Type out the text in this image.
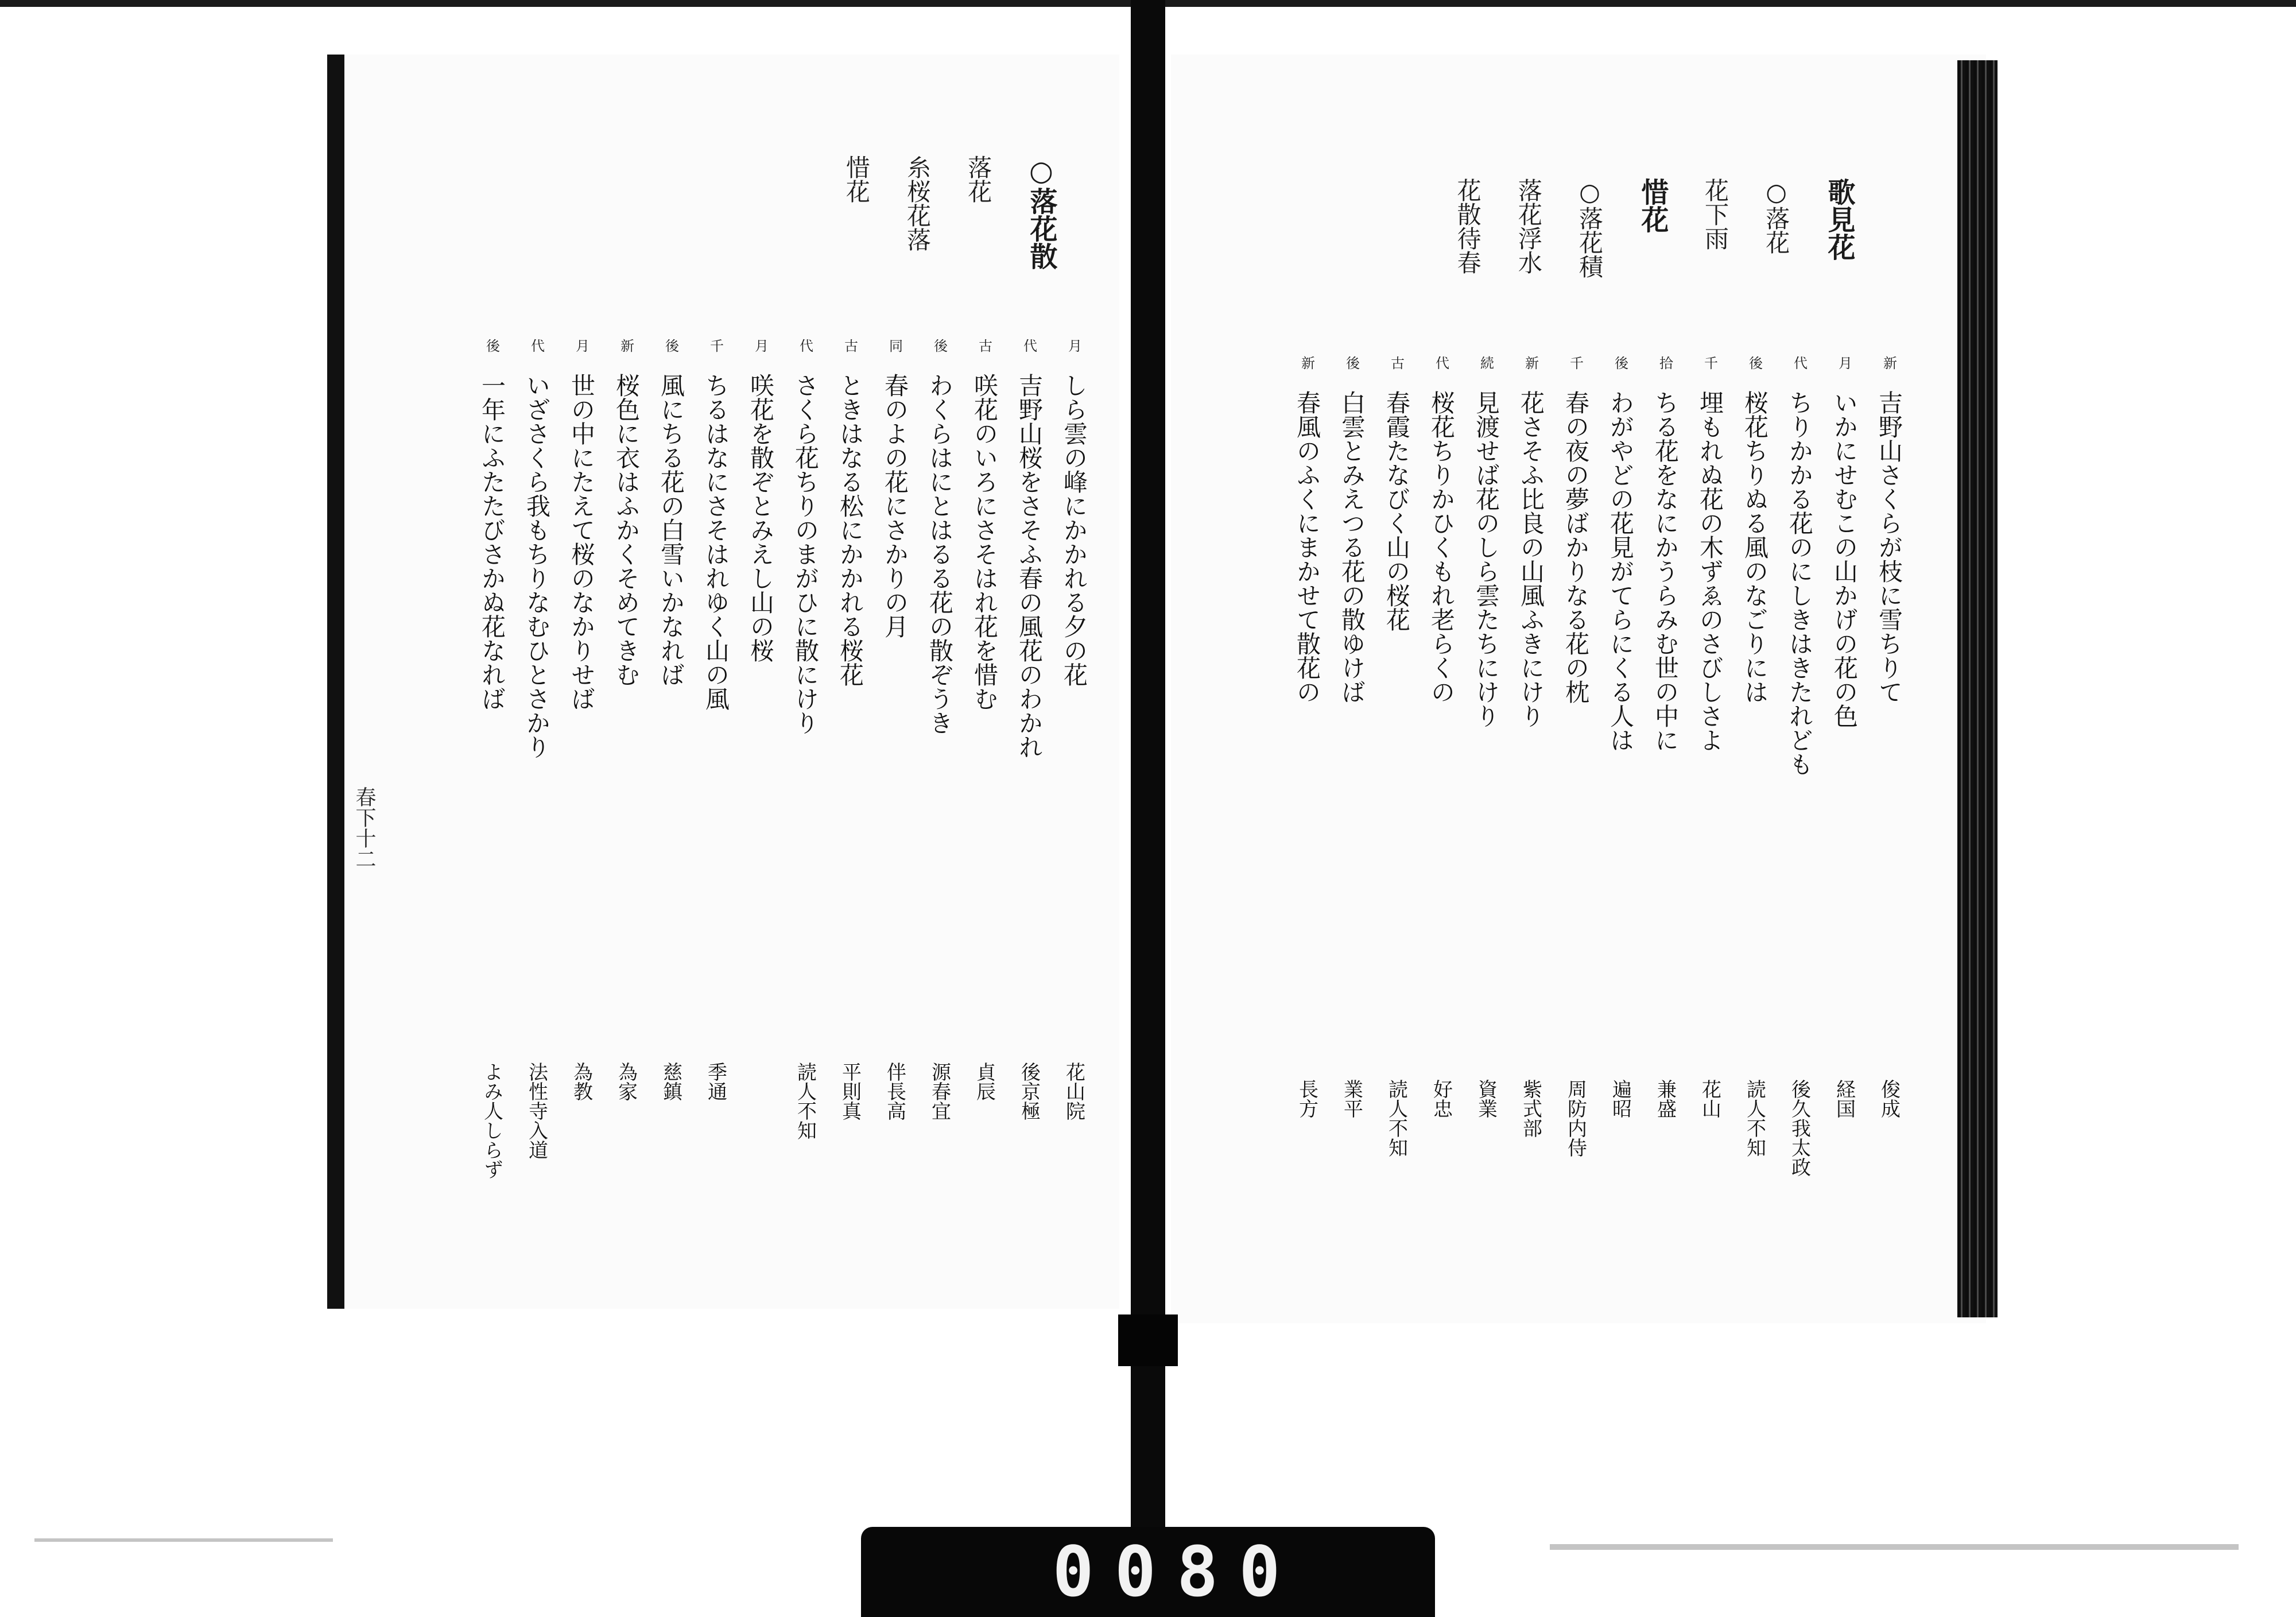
○落花散
落花
糸桜花落
惜花
月
しら雲の峰にかかれる夕の花
花山院
代
吉野山桜をさそふ春の風花のわかれ
後京極
古
咲花のいろにさそはれ花を惜む
貞辰
後
わくらはにとはるる花の散ぞうき
源春宜
同
春のよの花にさかりの月
伴長高
古
ときはなる松にかかれる桜花
平則真
代
さくら花ちりのまがひに散にけり
読人不知
月
咲花を散ぞとみえし山の桜
千
ちるはなにさそはれゆく山の風
季通
後
風にちる花の白雪いかなれば
慈鎮
新
桜色に衣はふかくそめてきむ
為家
月
世の中にたえて桜のなかりせば
為教
代
いざさくら我もちりなむひとさかり
法性寺入道
後
一年にふたたびさかぬ花なれば
よみ人しらず
春下十二
歌見花
○落花
花下雨
惜花
○落花積
落花浮水
花散待春
新
吉野山さくらが枝に雪ちりて
俊成
月
いかにせむこの山かげの花の色
経国
代
ちりかかる花のにしきはきたれども
後久我太政
後
桜花ちりぬる風のなごりには
読人不知
千
埋もれぬ花の木ずゑのさびしさよ
花山
拾
ちる花をなにかうらみむ世の中に
兼盛
後
わがやどの花見がてらにくる人は
遍昭
千
春の夜の夢ばかりなる花の枕
周防内侍
新
花さそふ比良の山風ふきにけり
紫式部
続
見渡せば花のしら雲たちにけり
資業
代
桜花ちりかひくもれ老らくの
好忠
古
春霞たなびく山の桜花
読人不知
後
白雲とみえつる花の散ゆけば
業平
新
春風のふくにまかせて散花の
長方
0080
